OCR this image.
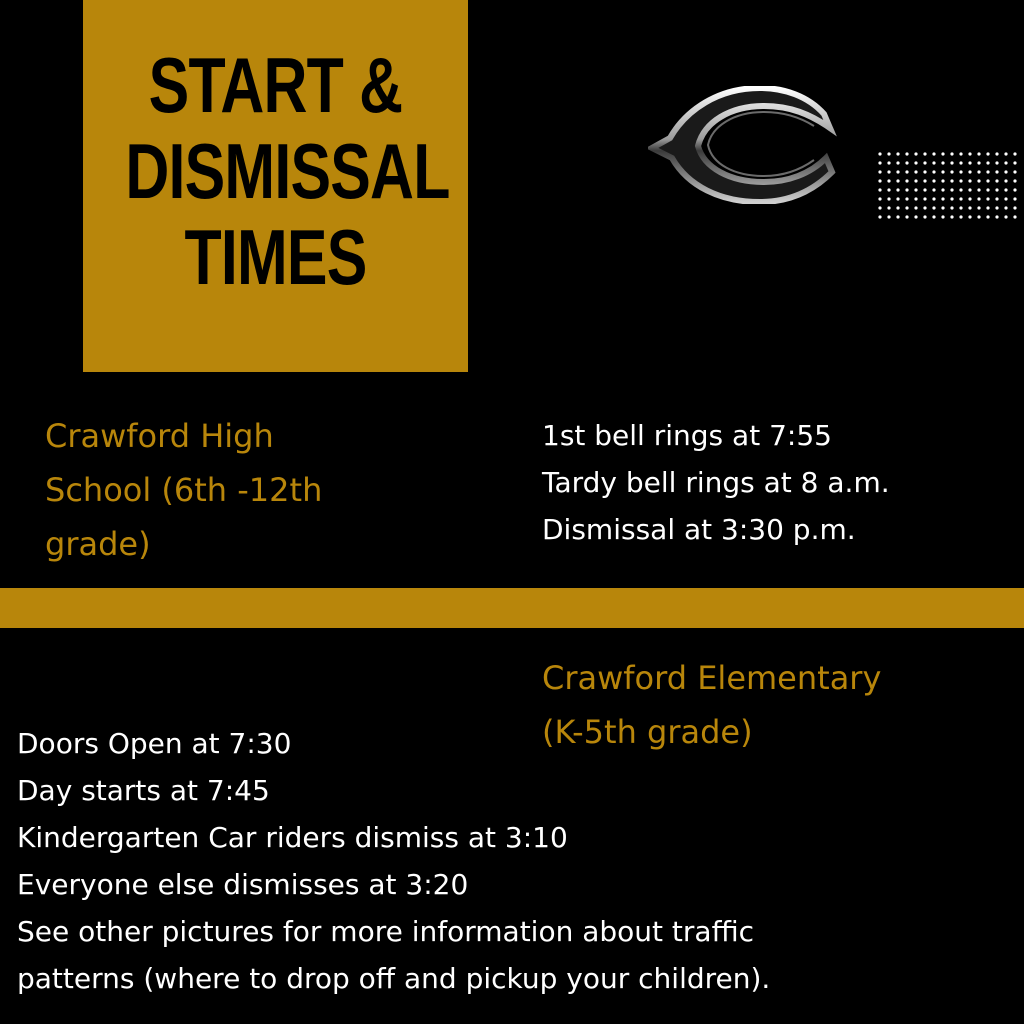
START &
DISMISSAL
TIMES
Crawford High
School (6th -12th
grade)
1st bell rings at 7:55
Tardy bell rings at 8 a.m.
Dismissal at 3:30 p.m.
Crawford Elementary
(K-5th grade)
Doors Open at 7:30
Day starts at 7:45
Kindergarten Car riders dismiss at 3:10
Everyone else dismisses at 3:20
See other pictures for more information about traffic
patterns (where to drop off and pickup your children).
